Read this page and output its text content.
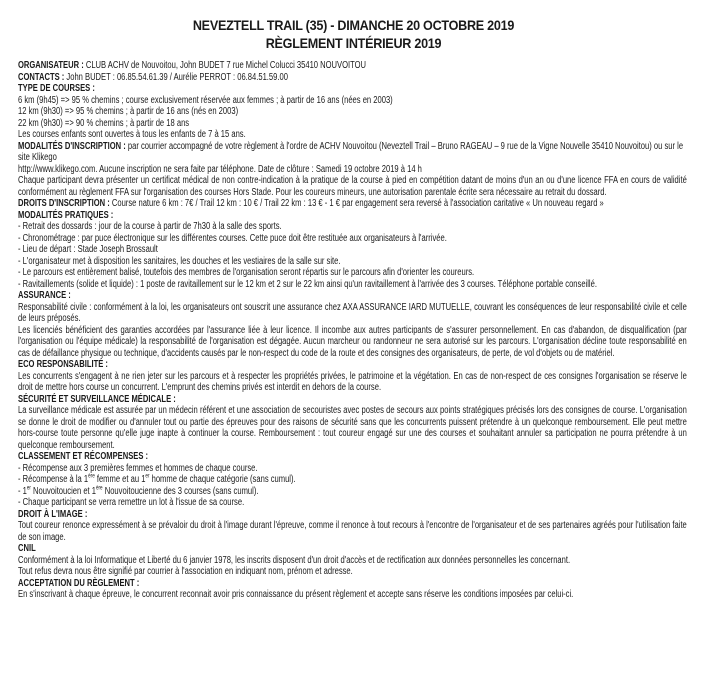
NEVEZTELL TRAIL (35) - DIMANCHE 20 OCTOBRE 2019
RÈGLEMENT INTÉRIEUR 2019

ORGANISATEUR : CLUB ACHV de Nouvoitou, John BUDET 7 rue Michel Colucci 35410 NOUVOITOU

CONTACTS : John BUDET : 06.85.54.61.39 / Aurélie PERROT : 06.84.51.59.00

TYPE DE COURSES :

6 km (9h45) => 95 % chemins ; course exclusivement réservée aux femmes ; à partir de 16 ans (nées en 2003)

12 km (9h30) => 95 % chemins ; à partir de 16 ans (nés en 2003)

22 km (9h30) => 90 % chemins ; à partir de 18 ans

Les courses enfants sont ouvertes à tous les enfants de 7 à 15 ans.

MODALITÉS D'INSCRIPTION : par courrier accompagné de votre règlement à l'ordre de ACHV Nouvoitou (Neveztell Trail – Bruno RAGEAU – 9 rue de la Vigne Nouvelle 35410 Nouvoitou) ou sur le site Klikego

http://www.klikego.com. Aucune inscription ne sera faite par téléphone. Date de clôture : Samedi 19 octobre 2019 à 14 h

Chaque participant devra présenter un certificat médical de non contre-indication à la pratique de la course à pied en compétition datant de moins d'un an ou d'une licence FFA en cours de validité conformément au règlement FFA sur l'organisation des courses Hors Stade. Pour les coureurs mineurs, une autorisation parentale écrite sera nécessaire au retrait du dossard.

DROITS D'INSCRIPTION : Course nature 6 km : 7€ / Trail 12 km : 10 € / Trail 22 km : 13 € - 1 € par engagement sera reversé à l'association caritative « Un nouveau regard »

MODALITÉS PRATIQUES :

- Retrait des dossards : jour de la course à partir de 7h30 à la salle des sports.

- Chronométrage : par puce électronique sur les différentes courses. Cette puce doit être restituée aux organisateurs à l'arrivée.

- Lieu de départ : Stade Joseph Brossault

- L'organisateur met à disposition les sanitaires, les douches et les vestiaires de la salle sur site.

- Le parcours est entièrement balisé, toutefois des membres de l'organisation seront répartis sur le parcours afin d'orienter les coureurs.

- Ravitaillements (solide et liquide) : 1 poste de ravitaillement sur le 12 km et 2 sur le 22 km ainsi qu'un ravitaillement à l'arrivée des 3 courses. Téléphone portable conseillé.

ASSURANCE :

Responsabilité civile : conformément à la loi, les organisateurs ont souscrit une assurance chez AXA ASSURANCE IARD MUTUELLE, couvrant les conséquences de leur responsabilité civile et celle de leurs préposés.

Les licenciés bénéficient des garanties accordées par l'assurance liée à leur licence. Il incombe aux autres participants de s'assurer personnellement. En cas d'abandon, de disqualification (par l'organisation ou l'équipe médicale) la responsabilité de l'organisation est dégagée. Aucun marcheur ou randonneur ne sera autorisé sur les parcours. L'organisation décline toute responsabilité en cas de défaillance physique ou technique, d'accidents causés par le non-respect du code de la route et des consignes des organisateurs, de perte, de vol d'objets ou de matériel.

ECO RESPONSABILITÉ :

Les concurrents s'engagent à ne rien jeter sur les parcours et à respecter les propriétés privées, le patrimoine et la végétation. En cas de non-respect de ces consignes l'organisation se réserve le droit de mettre hors course un concurrent. L'emprunt des chemins privés est interdit en dehors de la course.

SÉCURITÉ ET SURVEILLANCE MÉDICALE :

La surveillance médicale est assurée par un médecin référent et une association de secouristes avec postes de secours aux points stratégiques précisés lors des consignes de course. L'organisation se donne le droit de modifier ou d'annuler tout ou partie des épreuves pour des raisons de sécurité sans que les concurrents puissent prétendre à un quelconque remboursement. Elle peut mettre hors-course toute personne qu'elle juge inapte à continuer la course. Remboursement : tout coureur engagé sur une des courses et souhaitant annuler sa participation ne pourra prétendre à un quelconque remboursement.

CLASSEMENT ET RÉCOMPENSES :

- Récompense aux 3 premières femmes et hommes de chaque course.

- Récompense à la 1ère femme et au 1er homme de chaque catégorie (sans cumul).

- 1er Nouvoitoucien et 1ère Nouvoitoucienne des 3 courses (sans cumul).

- Chaque participant se verra remettre un lot à l'issue de sa course.

DROIT À L'IMAGE :

Tout coureur renonce expressément à se prévaloir du droit à l'image durant l'épreuve, comme il renonce à tout recours à l'encontre de l'organisateur et de ses partenaires agréés pour l'utilisation faite de son image.

CNIL

Conformément à la loi Informatique et Liberté du 6 janvier 1978, les inscrits disposent d'un droit d'accès et de rectification aux données personnelles les concernant.

Tout refus devra nous être signifié par courrier à l'association en indiquant nom, prénom et adresse.

ACCEPTATION DU RÈGLEMENT :

En s'inscrivant à chaque épreuve, le concurrent reconnait avoir pris connaissance du présent règlement et accepte sans réserve les conditions imposées par celui-ci.
